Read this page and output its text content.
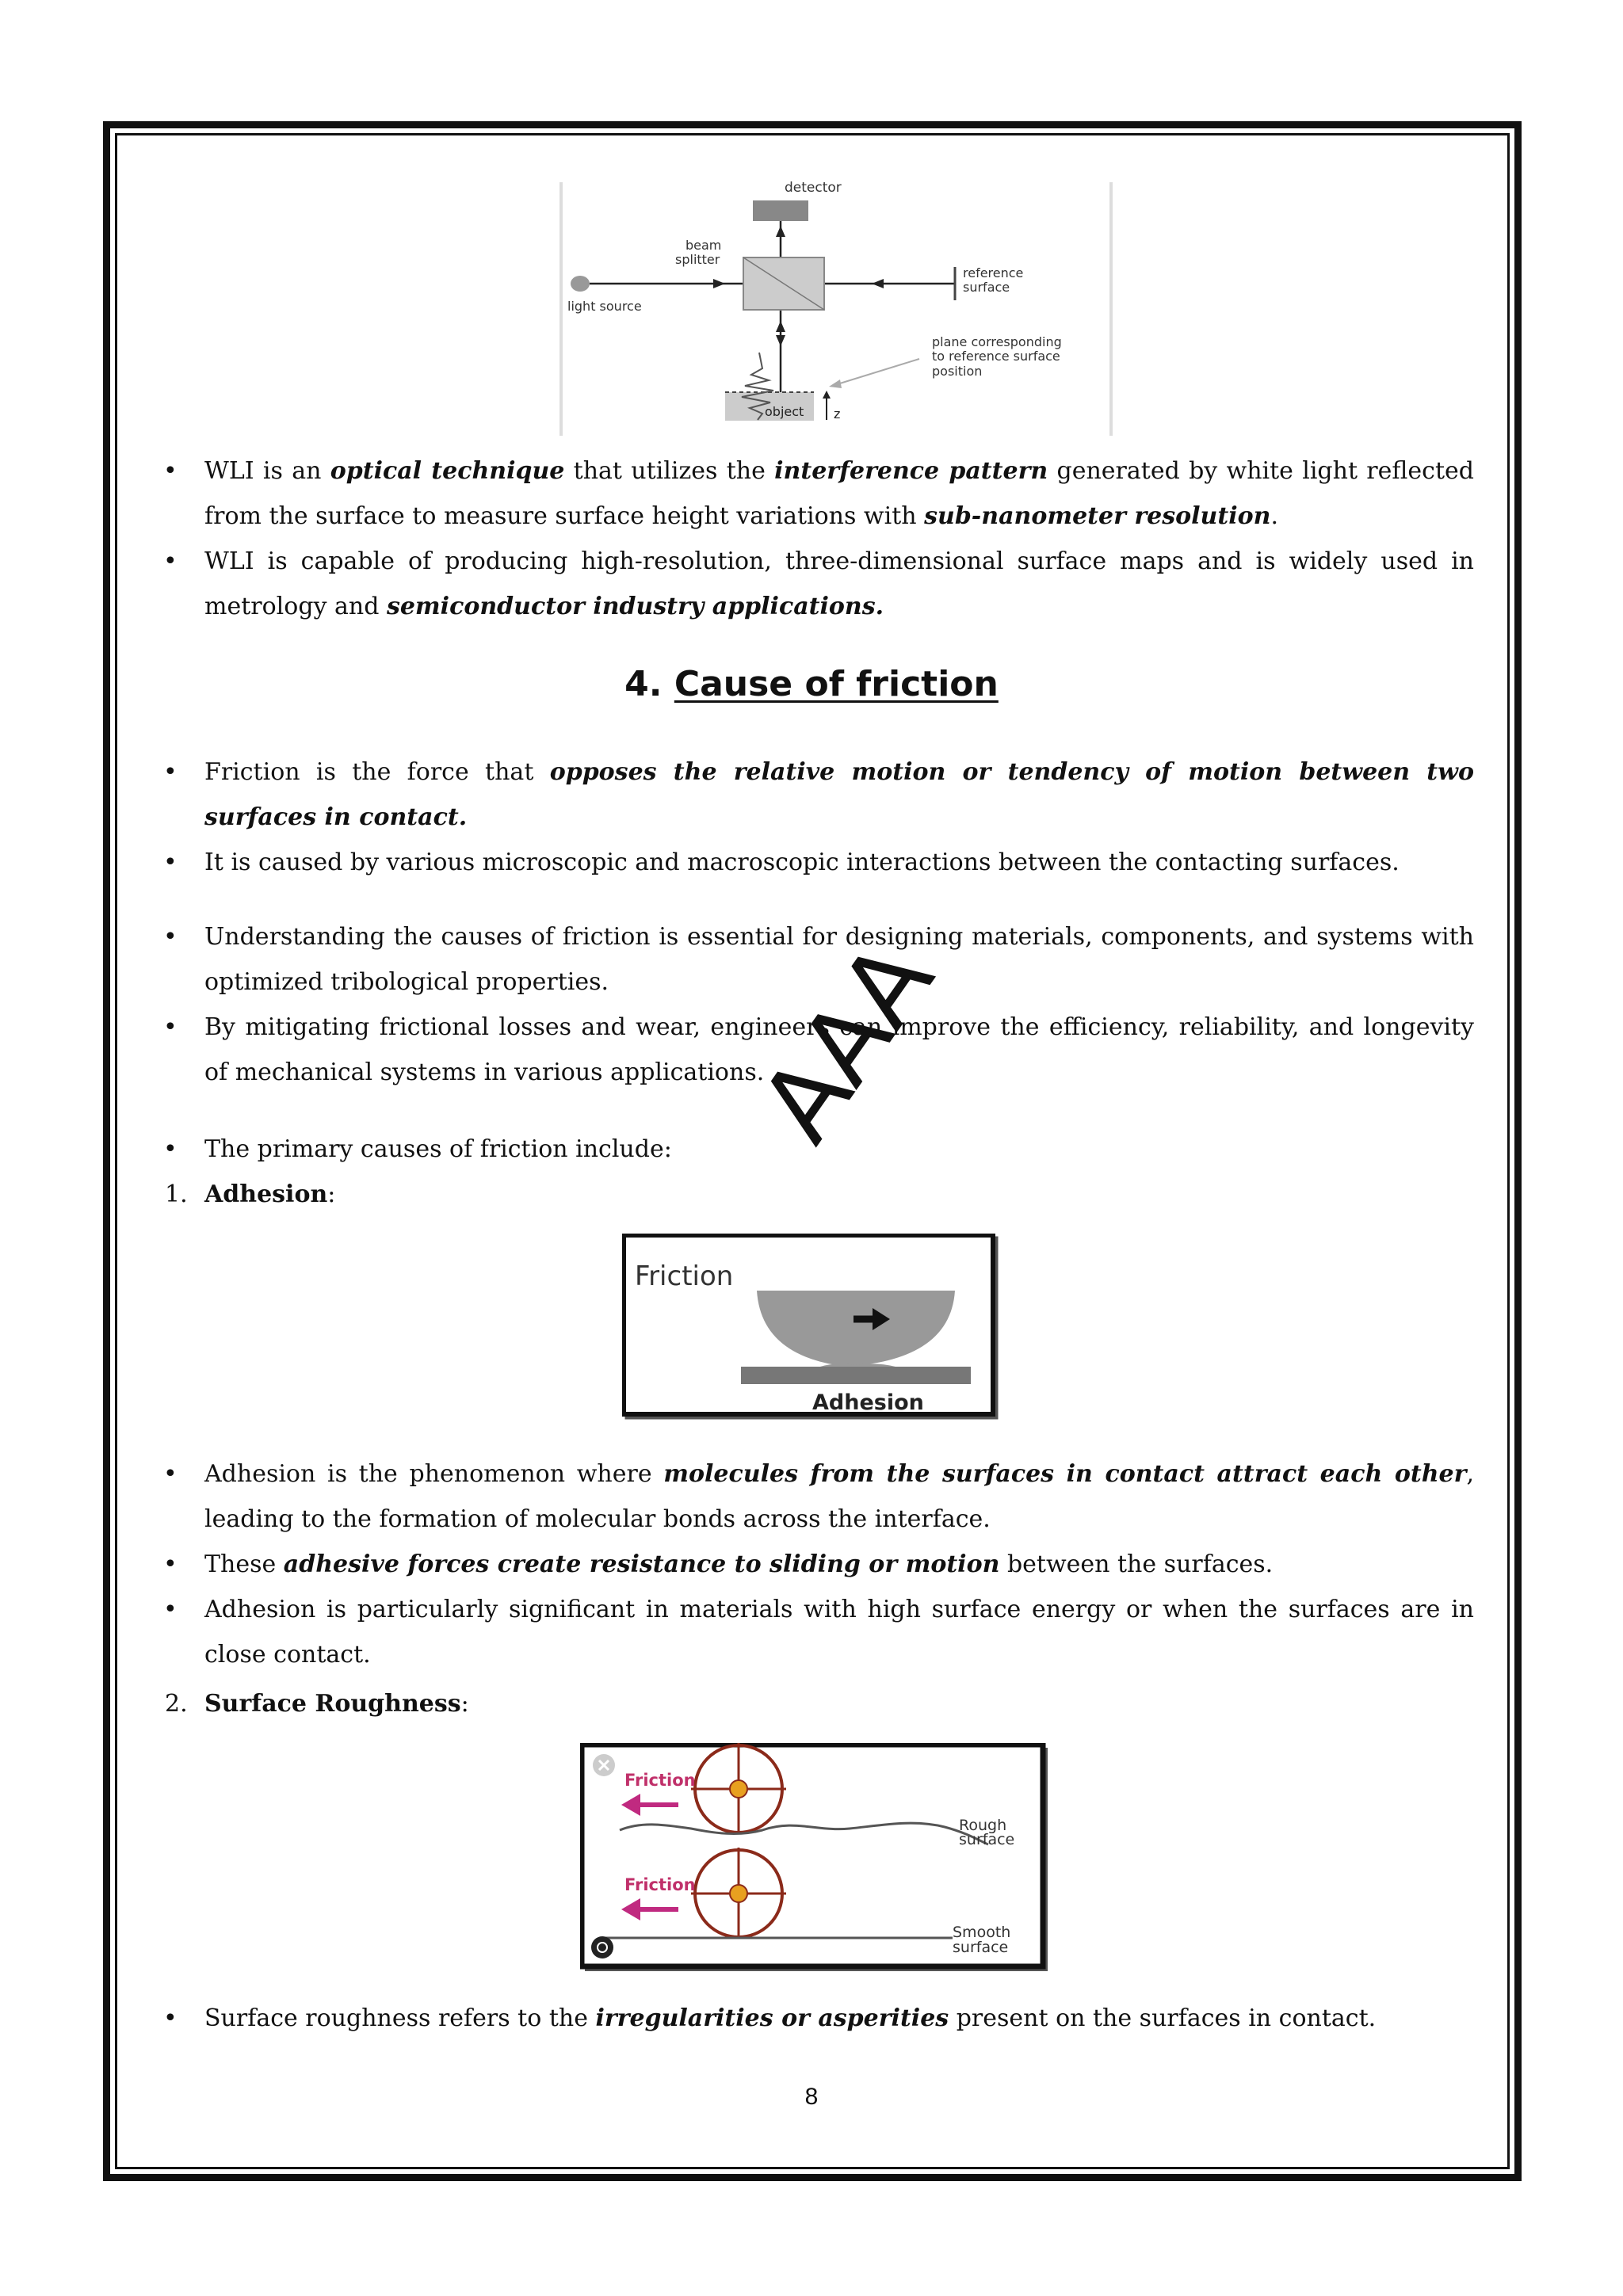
detector
beam
splitter
light source
reference
surface
plane corresponding
to reference surface
position
object z
• WLI is an optical technique that utilizes the interference pattern generated by white light reflected from the surface to measure surface height variations with sub-nanometer resolution.
• WLI is capable of producing high-resolution, three-dimensional surface maps and is widely used in metrology and semiconductor industry applications.
4. Cause of friction
• Friction is the force that opposes the relative motion or tendency of motion between two surfaces in contact.
• It is caused by various microscopic and macroscopic interactions between the contacting surfaces.
• Understanding the causes of friction is essential for designing materials, components, and systems with optimized tribological properties.
• By mitigating frictional losses and wear, engineers can improve the efficiency, reliability, and longevity of mechanical systems in various applications.
• The primary causes of friction include:
1. Adhesion:
Friction
Adhesion
• Adhesion is the phenomenon where molecules from the surfaces in contact attract each other, leading to the formation of molecular bonds across the interface.
• These adhesive forces create resistance to sliding or motion between the surfaces.
• Adhesion is particularly significant in materials with high surface energy or when the surfaces are in close contact.
2. Surface Roughness:
Friction
Rough
surface
Friction
Smooth
surface
• Surface roughness refers to the irregularities or asperities present on the surfaces in contact.
AAA
8
